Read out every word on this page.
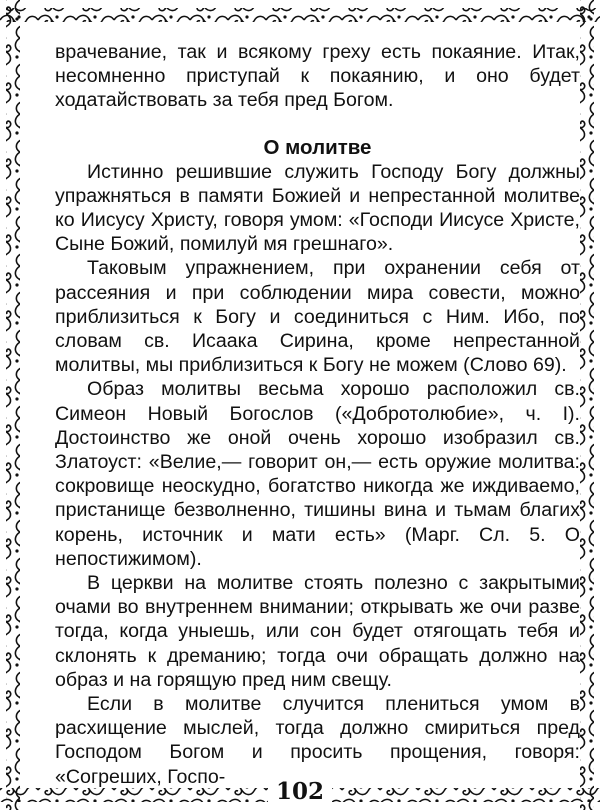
врачевание, так и всякому греху есть покаяние. Итак, несомненно приступай к покаянию, и оно будет ходатайствовать за тебя пред Богом.

О молитве

Истинно решившие служить Господу Богу должны упражняться в памяти Божией и непрестанной молитве ко Иисусу Христу, говоря умом: «Господи Иисусе Христе, Сыне Божий, помилуй мя грешнаго».

Таковым упражнением, при охранении себя от рассеяния и при соблюдении мира совести, можно приблизиться к Богу и соединиться с Ним. Ибо, по словам св. Исаака Сирина, кроме непрестанной молитвы, мы приблизиться к Богу не можем (Слово 69).

Образ молитвы весьма хорошо расположил св. Симеон Новый Богослов («Добротолюбие», ч. I). Достоинство же оной очень хорошо изобразил св. Златоуст: «Велие,— говорит он,— есть оружие молитва: сокровище неоскудно, богатство никогда же иждиваемо, пристанище безволненно, тишины вина и тьмам благих корень, источник и мати есть» (Марг. Сл. 5. О непостижимом).

В церкви на молитве стоять полезно с закрытыми очами во внутреннем внимании; открывать же очи разве тогда, когда уныешь, или сон будет отягощать тебя и склонять к дреманию; тогда очи обращать должно на образ и на горящую пред ним свещу.

Если в молитве случится плениться умом в расхищение мыслей, тогда должно смириться пред Господом Богом и просить прощения, говоря: «Согреших, Госпо-

102
